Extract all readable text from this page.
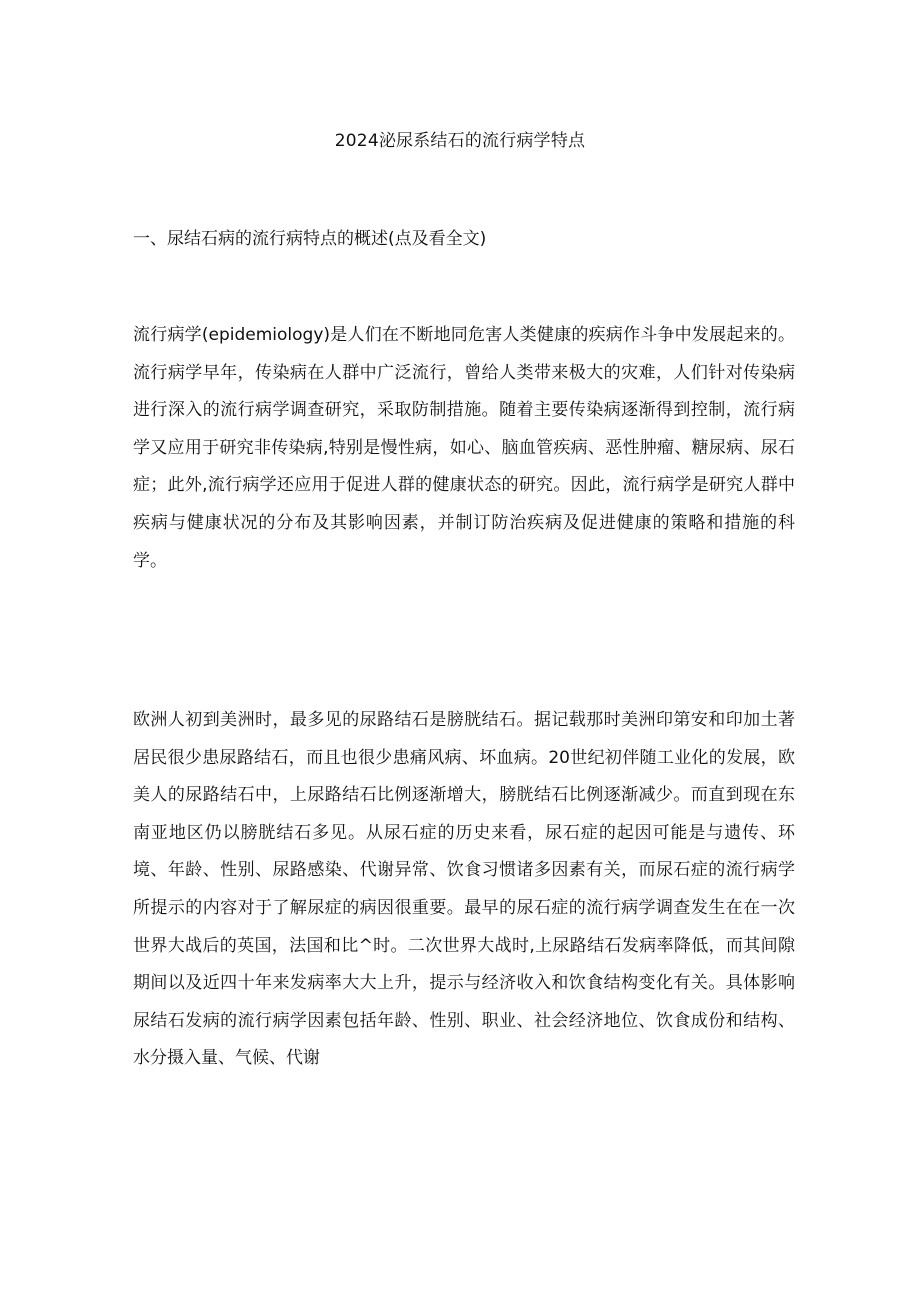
2024泌尿系结石的流行病学特点
一、尿结石病的流行病特点的概述(点及看全文)

流行病学(epidemiology)是人们在不断地同危害人类健康的疾病作斗争中发展起来的。流行病学早年，传染病在人群中广泛流行，曾给人类带来极大的灾难，人们针对传染病进行深入的流行病学调查研究，采取防制措施。随着主要传染病逐渐得到控制，流行病学又应用于研究非传染病,特别是慢性病，如心、脑血管疾病、恶性肿瘤、糖尿病、尿石症；此外,流行病学还应用于促进人群的健康状态的研究。因此，流行病学是研究人群中疾病与健康状况的分布及其影响因素，并制订防治疾病及促进健康的策略和措施的科学。

欧洲人初到美洲时，最多见的尿路结石是膀胱结石。据记载那时美洲印第安和印加土著居民很少患尿路结石，而且也很少患痛风病、坏血病。20世纪初伴随工业化的发展，欧美人的尿路结石中，上尿路结石比例逐渐增大，膀胱结石比例逐渐减少。而直到现在东南亚地区仍以膀胱结石多见。从尿石症的历史来看，尿石症的起因可能是与遗传、环境、年龄、性别、尿路感染、代谢异常、饮食习惯诸多因素有关，而尿石症的流行病学所提示的内容对于了解尿症的病因很重要。最早的尿石症的流行病学调查发生在在一次世界大战后的英国，法国和比^时。二次世界大战时,上尿路结石发病率降低，而其间隙期间以及近四十年来发病率大大上升，提示与经济收入和饮食结构变化有关。具体影响尿结石发病的流行病学因素包括年龄、性别、职业、社会经济地位、饮食成份和结构、水分摄入量、气候、代谢
